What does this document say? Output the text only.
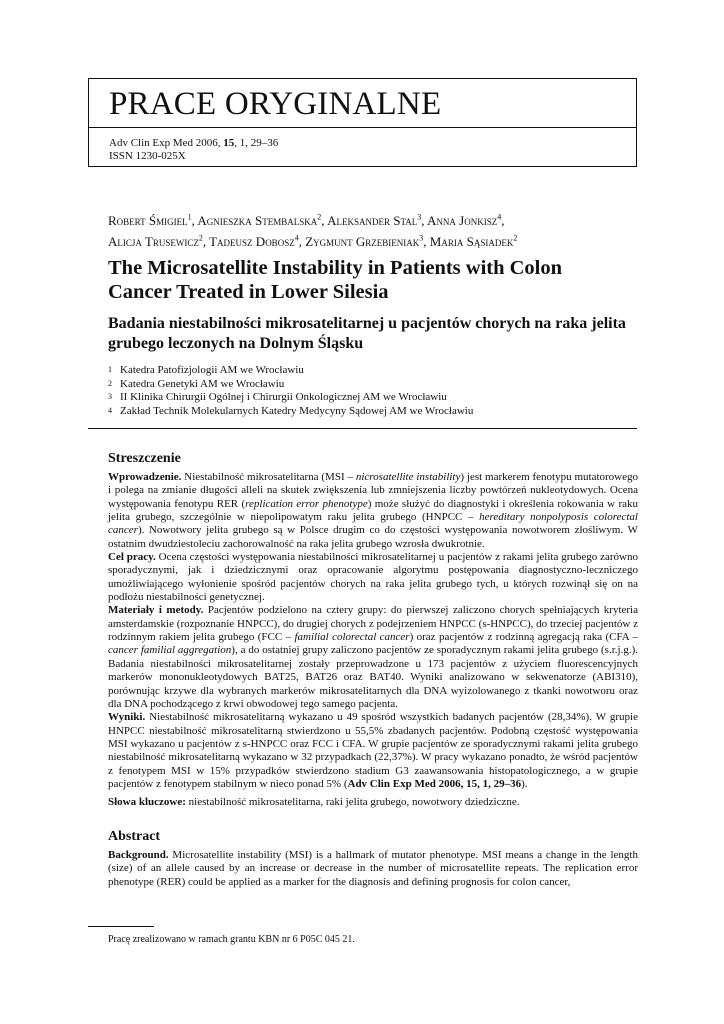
PRACE ORYGINALNE
Adv Clin Exp Med 2006, 15, 1, 29–36
ISSN 1230-025X
Robert Śmigiel$^1$, Agnieszka Stembalska$^2$, Aleksander Stal$^3$, Anna Jonkisz$^4$,
Alicja Trusewicz$^2$, Tadeusz Dobosz$^4$, Zygmunt Grzebieniak$^3$, Maria Sąsiadek$^2$
The Microsatellite Instability in Patients with Colon Cancer Treated in Lower Silesia
Badania niestabilności mikrosatelitarnej u pacjentów chorych na raka jelita grubego leczonych na Dolnym Śląsku
1 Katedra Patofizjologii AM we Wrocławiu
2 Katedra Genetyki AM we Wrocławiu
3 II Klinika Chirurgii Ogólnej i Chirurgii Onkologicznej AM we Wrocławiu
4 Zakład Technik Molekularnych Katedry Medycyny Sądowej AM we Wrocławiu
Streszczenie
Wprowadzenie. Niestabilność mikrosatelitarna (MSI – nicrosatellite instability) jest markerem fenotypu mutatorowego i polega na zmianie długości alleli na skutek zwiększenia lub zmniejszenia liczby powtórzeń nukleotydowych. Ocena występowania fenotypu RER (replication error phenotype) może służyć do diagnostyki i określenia rokowania w raku jelita grubego, szczególnie w niepolipowatym raku jelita grubego (HNPCC – hereditary nonpolyposis colorectal cancer). Nowotwory jelita grubego są w Polsce drugim co do częstości występowania nowotworem złośliwym. W ostatnim dwudziestoleciu zachorowalność na raka jelita grubego wzrosła dwukrotnie.
Cel pracy. Ocena częstości występowania niestabilności mikrosatelitarnej u pacjentów z rakami jelita grubego zarówno sporadycznymi, jak i dziedzicznymi oraz opracowanie algorytmu postępowania diagnostyczno-leczniczego umożliwiającego wyłonienie spośród pacjentów chorych na raka jelita grubego tych, u których rozwinął się on na podłożu niestabilności genetycznej.
Materiały i metody. Pacjentów podzielono na cztery grupy: do pierwszej zaliczono chorych spełniających kryteria amsterdamskie (rozpoznanie HNPCC), do drugiej chorych z podejrzeniem HNPCC (s-HNPCC), do trzeciej pacjentów z rodzinnym rakiem jelita grubego (FCC – familial colorectal cancer) oraz pacjentów z rodzinną agregacją raka (CFA – cancer familial aggregation), a do ostatniej grupy zaliczono pacjentów ze sporadycznym rakami jelita grubego (s.r.j.g.). Badania niestabilności mikrosatelitarnej zostały przeprowadzone u 173 pacjentów z użyciem fluorescencyjnych markerów mononukleotydowych BAT25, BAT26 oraz BAT40. Wyniki analizowano w sekwenatorze (ABI310), porównując krzywe dla wybranych markerów mikrosatelitarnych dla DNA wyizolowanego z tkanki nowotworu oraz dla DNA pochodzącego z krwi obwodowej tego samego pacjenta.
Wyniki. Niestabilność mikrosatelitarną wykazano u 49 spośród wszystkich badanych pacjentów (28,34%). W grupie HNPCC niestabilność mikrosatelitarną stwierdzono u 55,5% zbadanych pacjentów. Podobną częstość występowania MSI wykazano u pacjentów z s-HNPCC oraz FCC i CFA. W grupie pacjentów ze sporadycznymi rakami jelita grubego niestabilność mikrosatelitarną wykazano w 32 przypadkach (22,37%). W pracy wykazano ponadto, że wśród pacjentów z fenotypem MSI w 15% przypadków stwierdzono stadium G3 zaawansowania histopatologicznego, a w grupie pacjentów z fenotypem stabilnym w nieco ponad 5% (Adv Clin Exp Med 2006, 15, 1, 29–36).
Słowa kluczowe: niestabilność mikrosatelitarna, raki jelita grubego, nowotwory dziedziczne.
Abstract
Background. Microsatellite instability (MSI) is a hallmark of mutator phenotype. MSI means a change in the length (size) of an allele caused by an increase or decrease in the number of microsatellite repeats. The replication error phenotype (RER) could be applied as a marker for the diagnosis and defining prognosis for colon cancer,
Pracę zrealizowano w ramach grantu KBN nr 6 P05C 045 21.
